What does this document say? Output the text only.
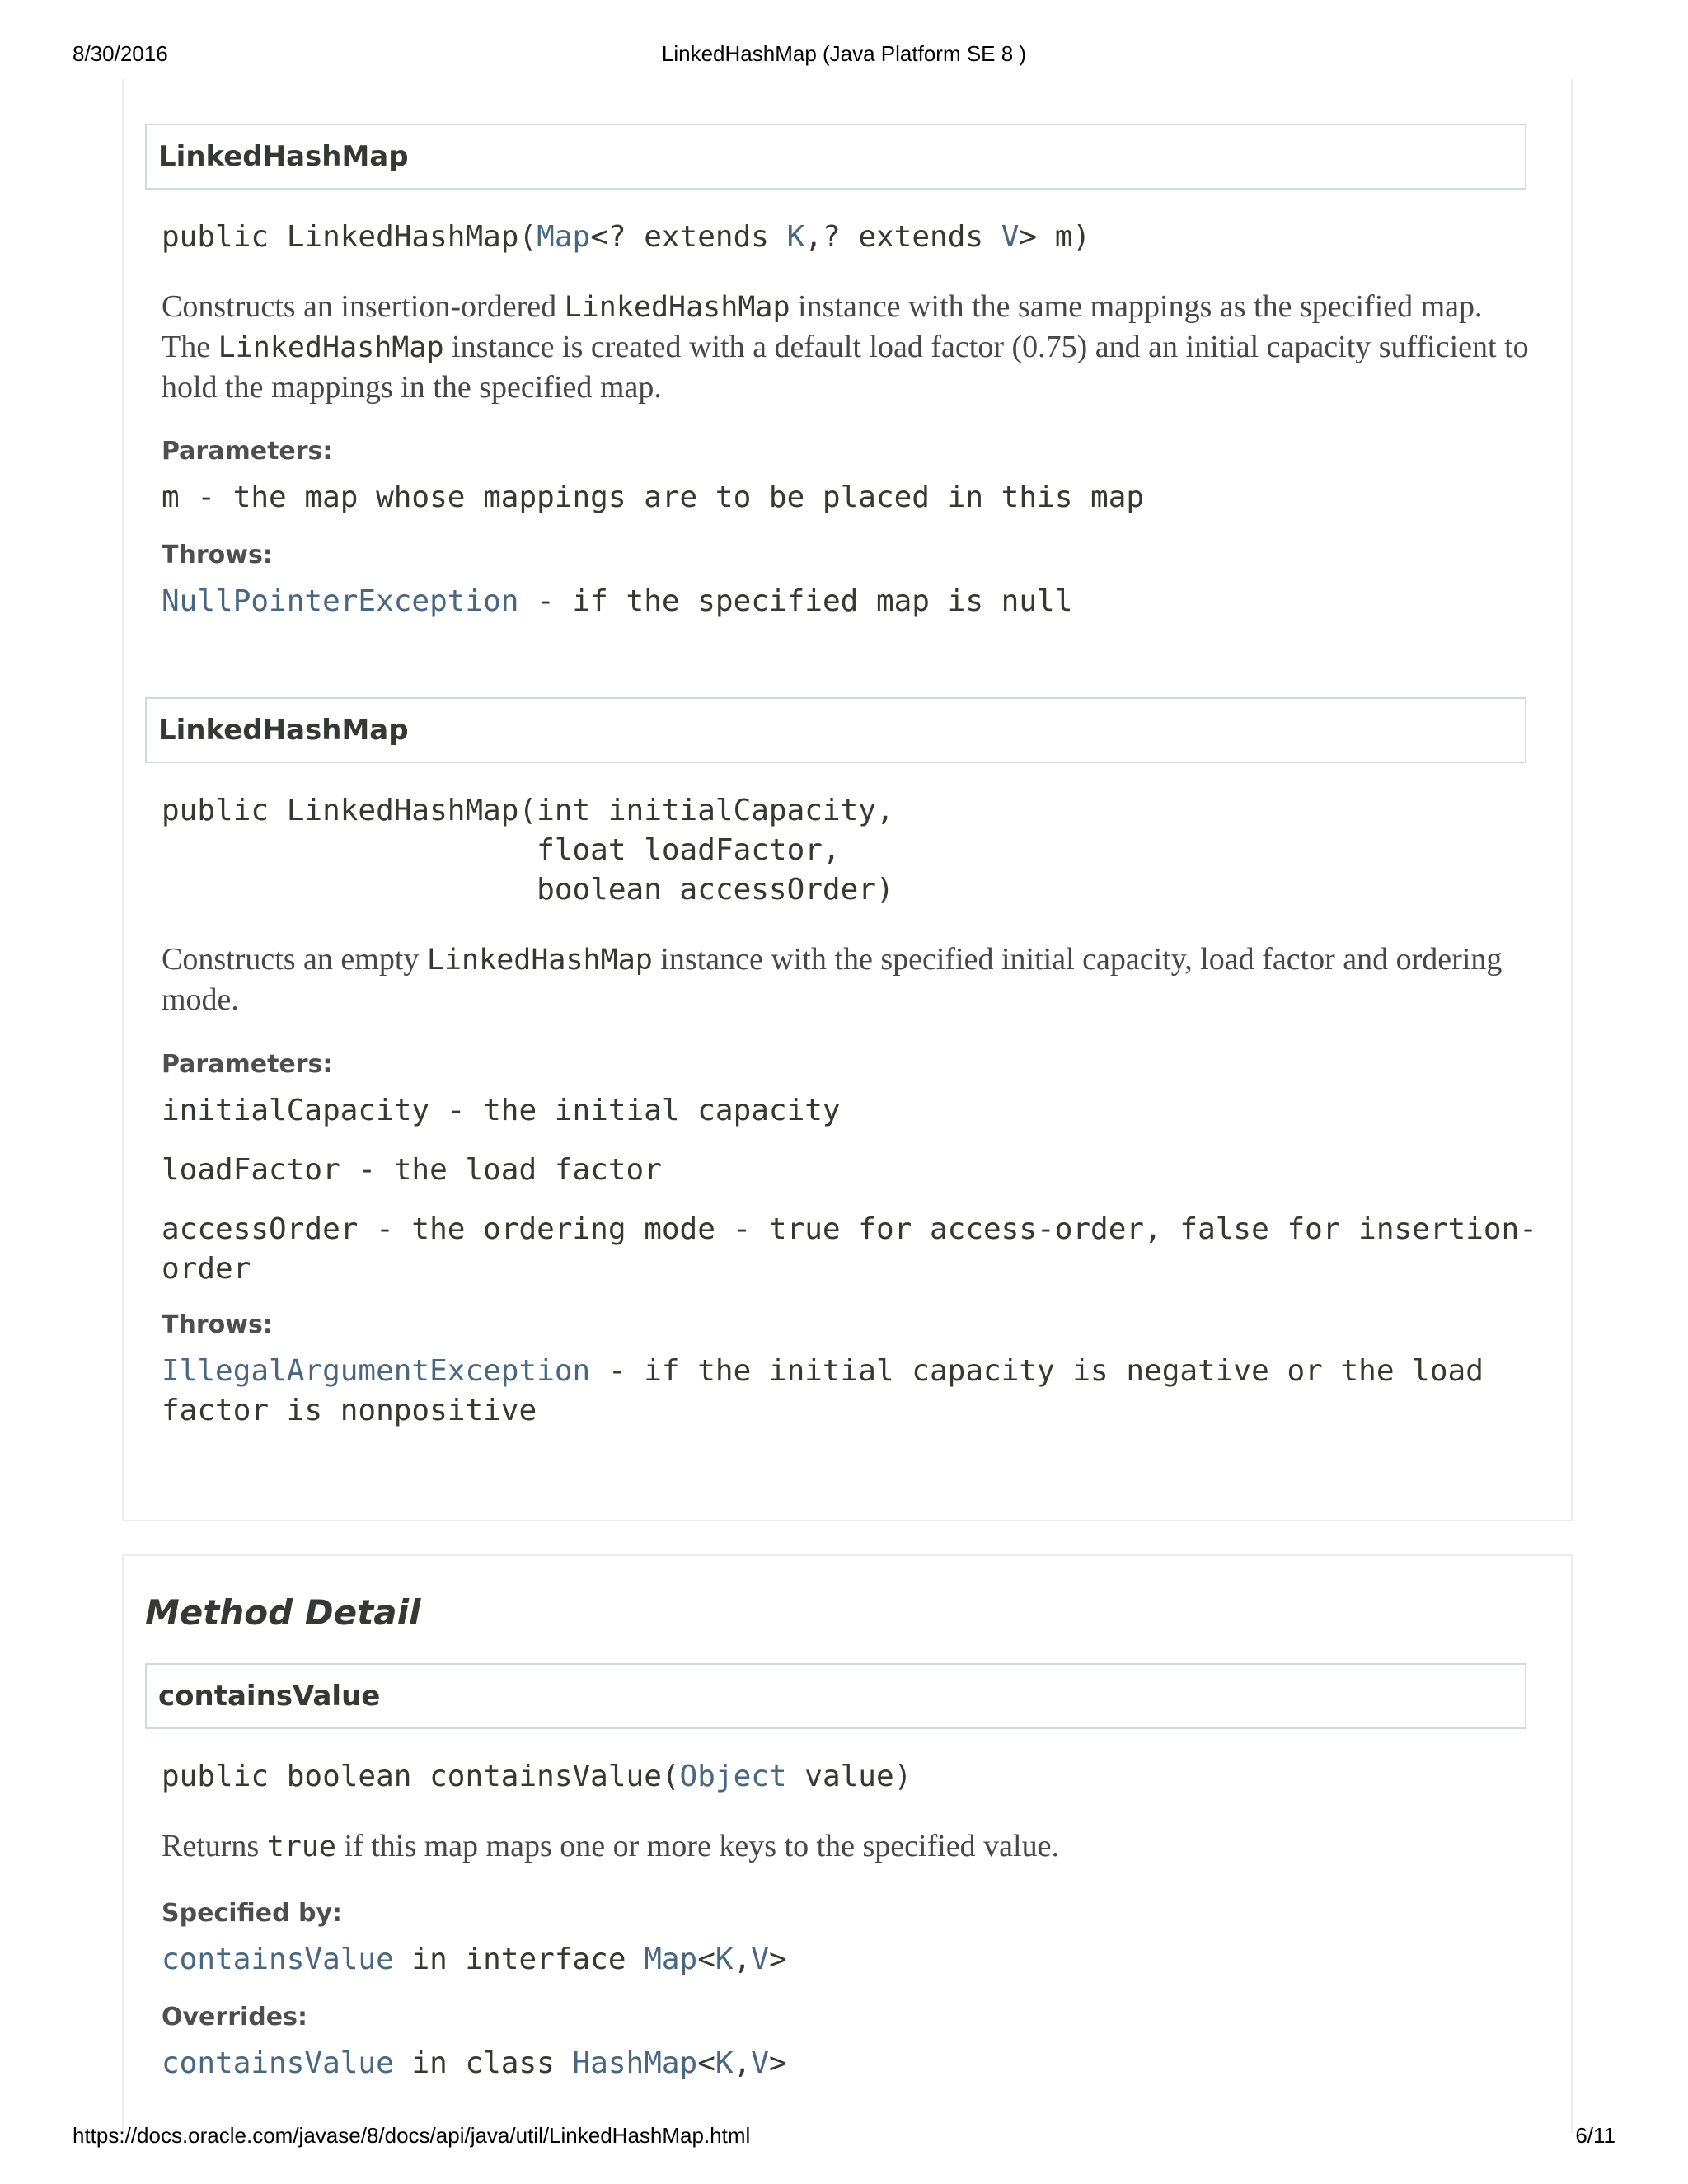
8/30/2016	LinkedHashMap (Java Platform SE 8 )
LinkedHashMap
public LinkedHashMap(Map<? extends K,? extends V> m)
Constructs an insertion-ordered LinkedHashMap instance with the same mappings as the specified map. The LinkedHashMap instance is created with a default load factor (0.75) and an initial capacity sufficient to hold the mappings in the specified map.
Parameters:
m - the map whose mappings are to be placed in this map
Throws:
NullPointerException - if the specified map is null
LinkedHashMap
public LinkedHashMap(int initialCapacity,
float loadFactor,
boolean accessOrder)
Constructs an empty LinkedHashMap instance with the specified initial capacity, load factor and ordering mode.
Parameters:
initialCapacity - the initial capacity
loadFactor - the load factor
accessOrder - the ordering mode - true for access-order, false for insertion-order
Throws:
IllegalArgumentException - if the initial capacity is negative or the load factor is nonpositive
Method Detail
containsValue
public boolean containsValue(Object value)
Returns true if this map maps one or more keys to the specified value.
Specified by:
containsValue in interface Map<K,V>
Overrides:
containsValue in class HashMap<K,V>
https://docs.oracle.com/javase/8/docs/api/java/util/LinkedHashMap.html	6/11
